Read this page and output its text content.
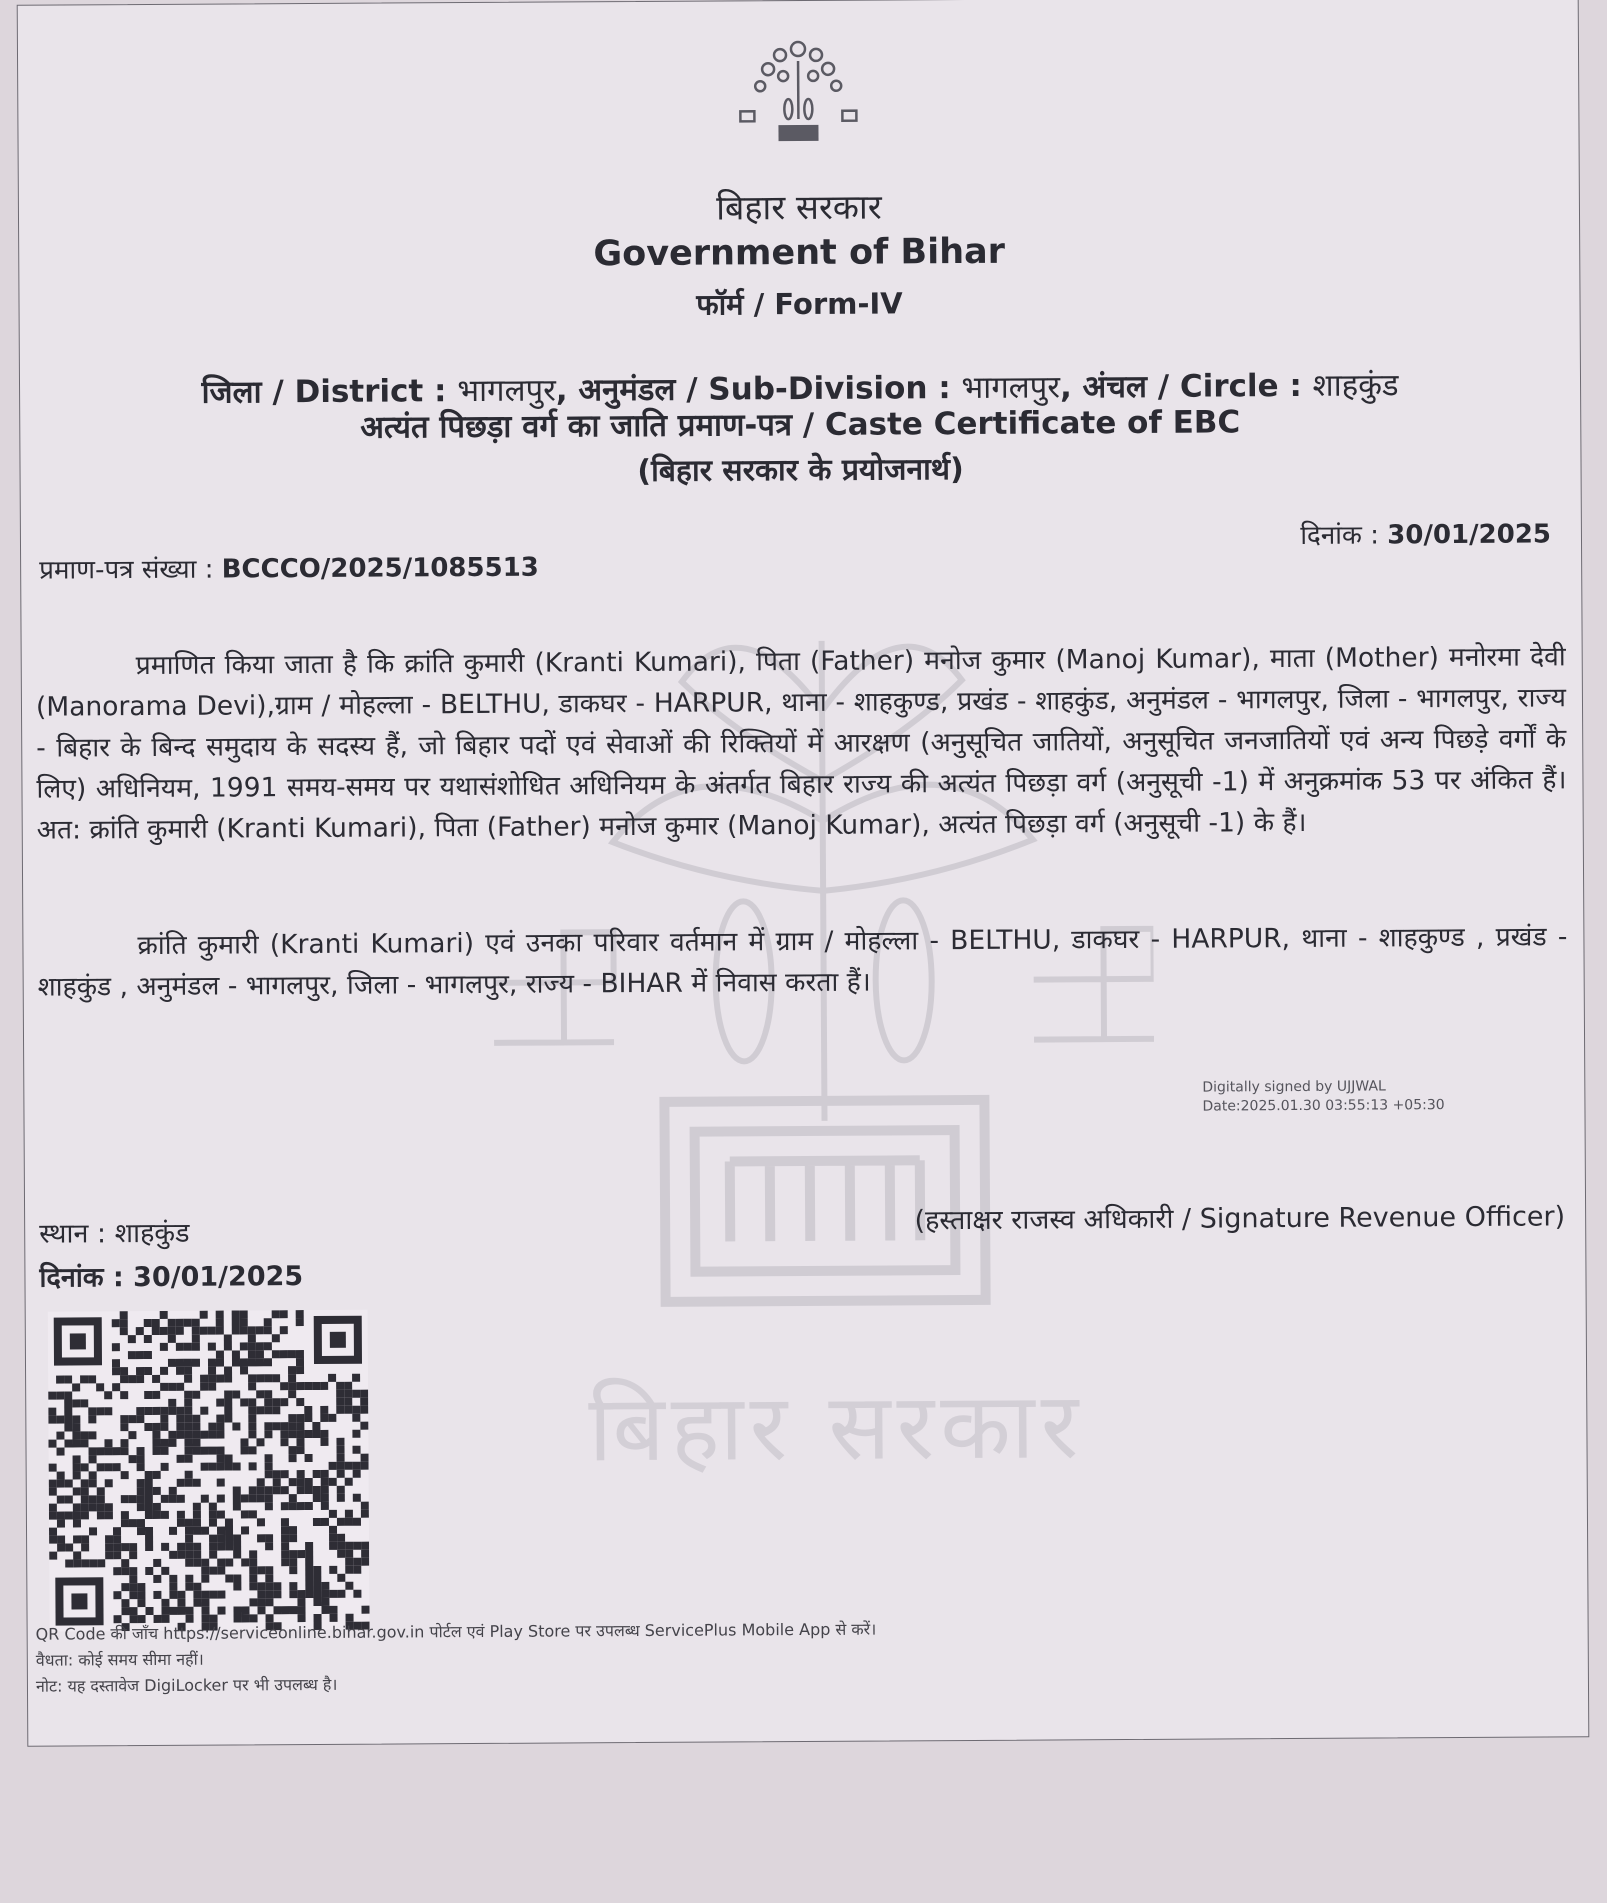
बिहार सरकार
बिहार सरकार
Government of Bihar
फॉर्म / Form-IV
जिला / District : भागलपुर, अनुमंडल / Sub-Division : भागलपुर, अंचल / Circle : शाहकुंड
अत्यंत पिछड़ा वर्ग का जाति प्रमाण-पत्र / Caste Certificate of EBC
(बिहार सरकार के प्रयोजनार्थ)
दिनांक : 30/01/2025
प्रमाण-पत्र संख्या : BCCCO/2025/1085513
प्रमाणित किया जाता है कि क्रांति कुमारी (Kranti Kumari), पिता (Father) मनोज कुमार (Manoj Kumar), माता (Mother) मनोरमा देवी (Manorama Devi),ग्राम / मोहल्ला - BELTHU, डाकघर - HARPUR, थाना - शाहकुण्ड, प्रखंड - शाहकुंड, अनुमंडल - भागलपुर, जिला - भागलपुर, राज्य - बिहार के बिन्द समुदाय के सदस्य हैं, जो बिहार पदों एवं सेवाओं की रिक्तियों में आरक्षण (अनुसूचित जातियों, अनुसूचित जनजातियों एवं अन्य पिछड़े वर्गों के लिए) अधिनियम, 1991 समय-समय पर यथासंशोधित अधिनियम के अंतर्गत बिहार राज्य की अत्यंत पिछड़ा वर्ग (अनुसूची -1) में अनुक्रमांक 53 पर अंकित हैं। अत: क्रांति कुमारी (Kranti Kumari), पिता (Father) मनोज कुमार (Manoj Kumar), अत्यंत पिछड़ा वर्ग (अनुसूची -1) के हैं।
क्रांति कुमारी (Kranti Kumari) एवं उनका परिवार वर्तमान में ग्राम / मोहल्ला - BELTHU, डाकघर - HARPUR, थाना - शाहकुण्ड , प्रखंड - शाहकुंड , अनुमंडल - भागलपुर, जिला - भागलपुर, राज्य - BIHAR में निवास करता हैं।
Digitally signed by UJJWAL
Date:2025.01.30 03:55:13 +05:30
स्थान : शाहकुंड
दिनांक : 30/01/2025
(हस्ताक्षर राजस्व अधिकारी / Signature Revenue Officer)
QR Code की जाँच https://serviceonline.bihar.gov.in पोर्टल एवं Play Store पर उपलब्ध ServicePlus Mobile App से करें।
वैधता: कोई समय सीमा नहीं।
नोट: यह दस्तावेज DigiLocker पर भी उपलब्ध है।
